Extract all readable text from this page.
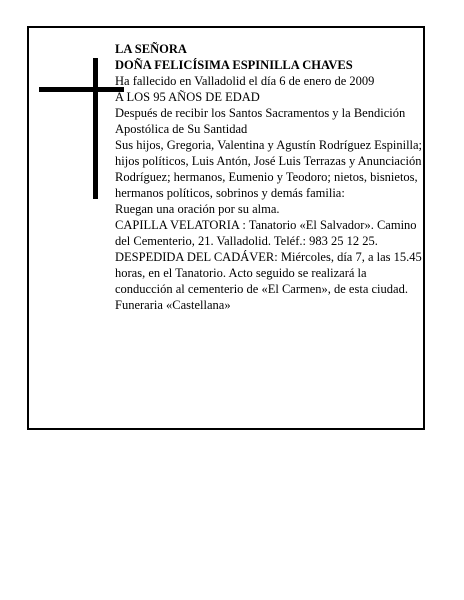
LA SEÑORA

DOÑA FELICÍSIMA ESPINILLA CHAVES

Ha fallecido en Valladolid el día 6 de enero de 2009

A LOS 95 AÑOS DE EDAD

Después de recibir los Santos Sacramentos y la Bendición Apostólica de Su Santidad

Sus hijos, Gregoria, Valentina y Agustín Rodríguez Espinilla; hijos políticos, Luis Antón, José Luis Terrazas y Anunciación Rodríguez; hermanos, Eumenio y Teodoro; nietos, bisnietos, hermanos políticos, sobrinos y demás familia:

Ruegan una oración por su alma.

CAPILLA VELATORIA : Tanatorio «El Salvador». Camino del Cementerio, 21. Valladolid. Teléf.: 983 25 12 25.

DESPEDIDA DEL CADÁVER: Miércoles, día 7, a las 15.45 horas, en el Tanatorio. Acto seguido se realizará la conducción al cementerio de «El Carmen», de esta ciudad.

Funeraria «Castellana»
